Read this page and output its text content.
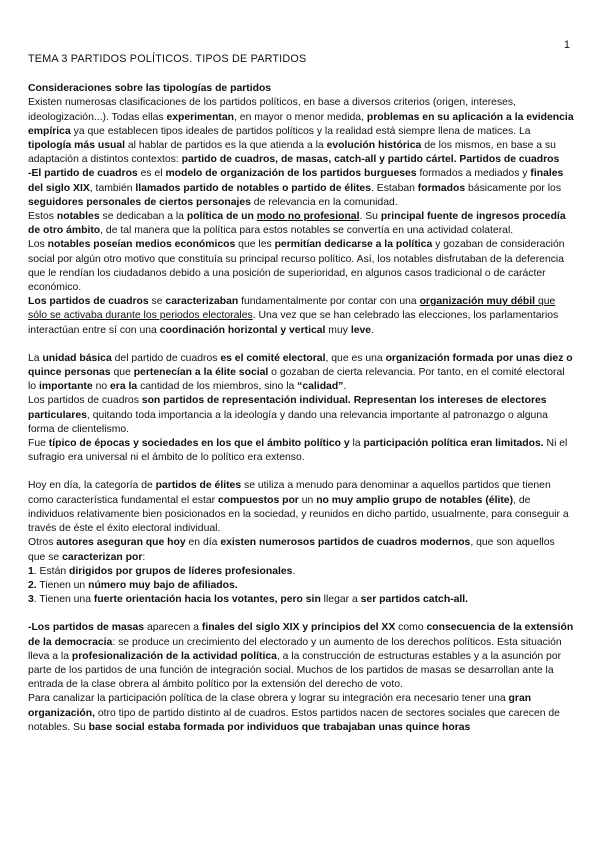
1
TEMA 3 PARTIDOS POLÍTICOS. TIPOS DE PARTIDOS

Consideraciones sobre las tipologías de partidos
Existen numerosas clasificaciones de los partidos políticos, en base a diversos criterios (origen, intereses, ideologización...). Todas ellas experimentan, en mayor o menor medida, problemas en su aplicación a la evidencia empírica ya que establecen tipos ideales de partidos políticos y la realidad está siempre llena de matices. La tipología más usual al hablar de partidos es la que atienda a la evolución histórica de los mismos, en base a su adaptación a distintos contextos: partido de cuadros, de masas, catch-all y partido cártel. Partidos de cuadros

-El partido de cuadros es el modelo de organización de los partidos burgueses formados a mediados y finales del siglo XIX, también llamados partido de notables o partido de élites. Estaban formados básicamente por los seguidores personales de ciertos personajes de relevancia en la comunidad.

Estos notables se dedicaban a la política de un modo no profesional. Su principal fuente de ingresos procedía de otro ámbito, de tal manera que la política para estos notables se convertía en una actividad colateral.

Los notables poseían medios económicos que les permitían dedicarse a la política y gozaban de consideración social por algún otro motivo que constituía su principal recurso político. Así, los notables disfrutaban de la deferencia que le rendían los ciudadanos debido a una posición de superioridad, en algunos casos tradicional o de carácter económico.

Los partidos de cuadros se caracterizaban fundamentalmente por contar con una organización muy débil que sólo se activaba durante los periodos electorales. Una vez que se han celebrado las elecciones, los parlamentarios interactúan entre sí con una coordinación horizontal y vertical muy leve.

La unidad básica del partido de cuadros es el comité electoral, que es una organización formada por unas diez o quince personas que pertenecían a la élite social o gozaban de cierta relevancia. Por tanto, en el comité electoral lo importante no era la cantidad de los miembros, sino la “calidad”.

Los partidos de cuadros son partidos de representación individual. Representan los intereses de electores particulares, quitando toda importancia a la ideología y dando una relevancia importante al patronazgo o alguna forma de clientelismo.

Fue típico de épocas y sociedades en los que el ámbito político y la participación política eran limitados. Ni el sufragio era universal ni el ámbito de lo político era extenso.

Hoy en día, la categoría de partidos de élites se utiliza a menudo para denominar a aquellos partidos que tienen como característica fundamental el estar compuestos por un no muy amplio grupo de notables (élite), de individuos relativamente bien posicionados en la sociedad, y reunidos en dicho partido, usualmente, para conseguir a través de éste el éxito electoral individual.

Otros autores aseguran que hoy en día existen numerosos partidos de cuadros modernos, que son aquellos que se caracterizan por:

1. Están dirigidos por grupos de líderes profesionales.

2. Tienen un número muy bajo de afiliados.

3. Tienen una fuerte orientación hacia los votantes, pero sin llegar a ser partidos catch-all.

-Los partidos de masas aparecen a finales del siglo XIX y principios del XX como consecuencia de la extensión de la democracia: se produce un crecimiento del electorado y un aumento de los derechos políticos. Esta situación lleva a la profesionalización de la actividad política, a la construcción de estructuras estables y a la asunción por parte de los partidos de una función de integración social. Muchos de los partidos de masas se desarrollan ante la entrada de la clase obrera al ámbito político por la extensión del derecho de voto.

Para canalizar la participación política de la clase obrera y lograr su integración era necesario tener una gran organización, otro tipo de partido distinto al de cuadros. Estos partidos nacen de sectores sociales que carecen de notables. Su base social estaba formada por individuos que trabajaban unas quince horas
